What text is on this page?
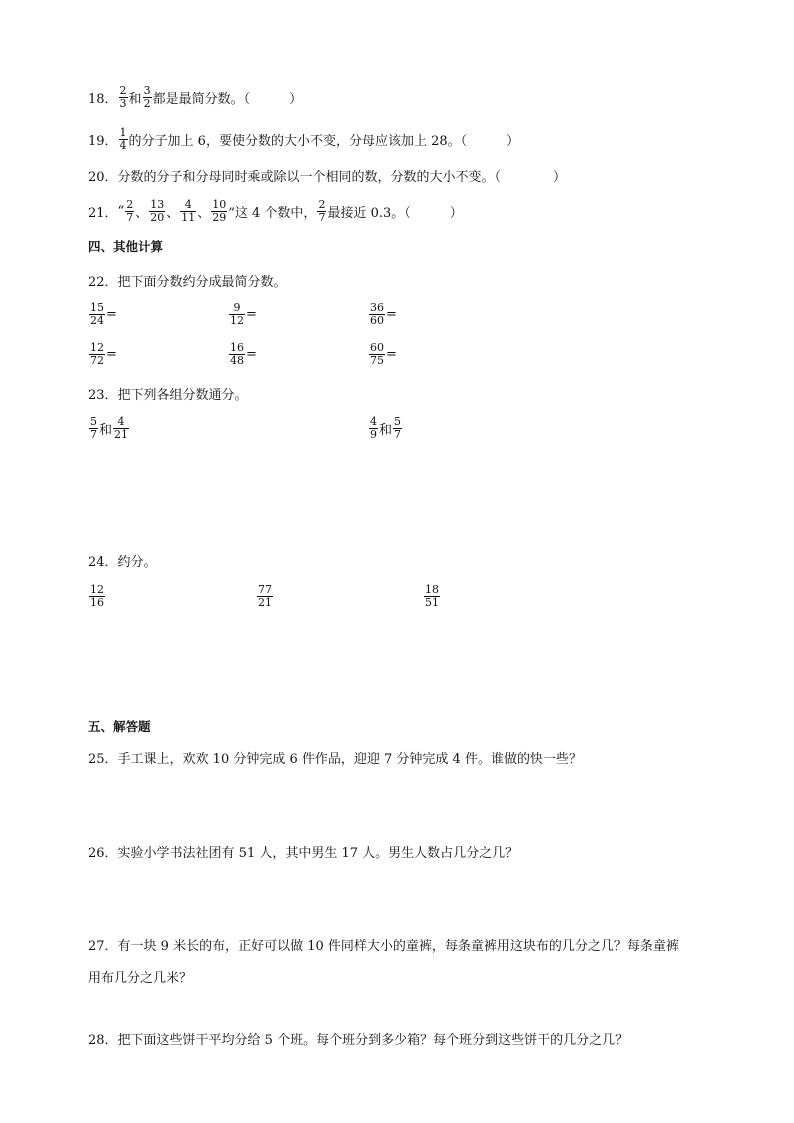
18． $\frac{2}{3}$ 和 $\frac{3}{2}$ 都是最简分数。（　　　）
19． $\frac{1}{4}$ 的分子加上 6，要使分数的大小不变，分母应该加上 28。（　　　）
20． 分数的分子和分母同时乘或除以一个相同的数，分数的大小不变。（　　　　）
21． “ $\frac{2}{7}$ 、 $\frac{13}{20}$ 、 $\frac{4}{11}$ 、 $\frac{10}{29}$ ”这 4 个数中， $\frac{2}{7}$ 最接近 0.3。（　　　）
四、其他计算
22．把下面分数约分成最简分数。
$\frac{15}{24}$ =	$\frac{9}{12}$ =	$\frac{36}{60}$ =
$\frac{12}{72}$ =	$\frac{16}{48}$ =	$\frac{60}{75}$ =
23．把下列各组分数通分。
$\frac{5}{7}$ 和 $\frac{4}{21}$	$\frac{4}{9}$ 和 $\frac{5}{7}$
24．约分。
$\frac{12}{16}$	$\frac{77}{21}$	$\frac{18}{51}$
五、解答题
25．手工课上，欢欢 10 分钟完成 6 件作品，迎迎 7 分钟完成 4 件。谁做的快一些？
26．实验小学书法社团有 51 人，其中男生 17 人。男生人数占几分之几？
27．有一块 9 米长的布，正好可以做 10 件同样大小的童裤，每条童裤用这块布的几分之几？每条童裤
用布几分之几米？
28．把下面这些饼干平均分给 5 个班。每个班分到多少箱？每个班分到这些饼干的几分之几？
